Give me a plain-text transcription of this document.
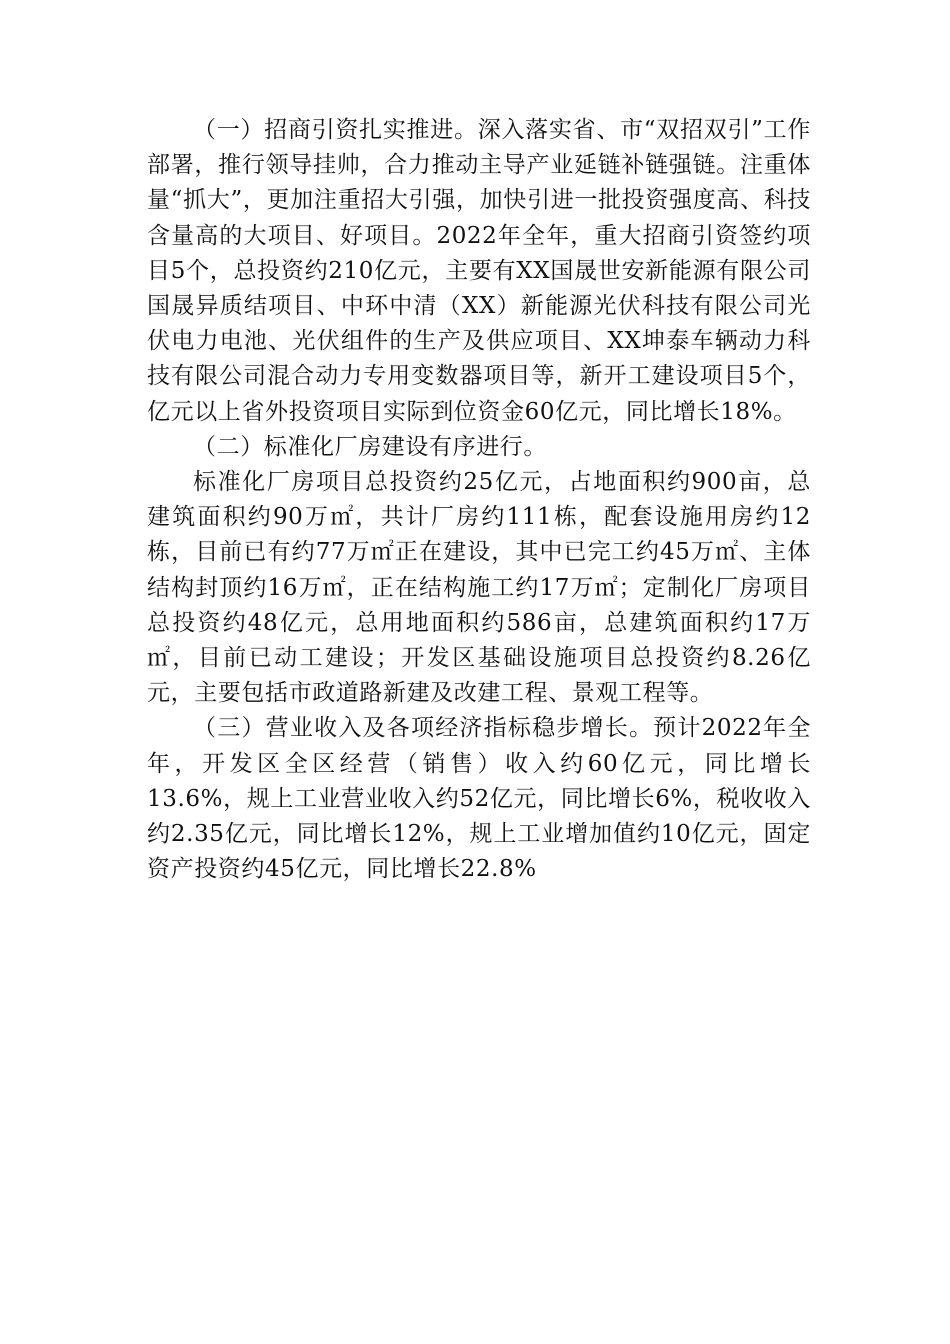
（一）招商引资扎实推进。深入落实省、市“双招双引”工作部署，推行领导挂帅，合力推动主导产业延链补链强链。注重体量“抓大”，更加注重招大引强，加快引进一批投资强度高、科技含量高的大项目、好项目。2022年全年，重大招商引资签约项目5个，总投资约210亿元，主要有XX国晟世安新能源有限公司国晟异质结项目、中环中清（XX）新能源光伏科技有限公司光伏电力电池、光伏组件的生产及供应项目、XX坤泰车辆动力科技有限公司混合动力专用变数器项目等，新开工建设项目5个，亿元以上省外投资项目实际到位资金60亿元，同比增长18%。

（二）标准化厂房建设有序进行。

标准化厂房项目总投资约25亿元，占地面积约900亩，总建筑面积约90万㎡，共计厂房约111栋，配套设施用房约12栋，目前已有约77万㎡正在建设，其中已完工约45万㎡、主体结构封顶约16万㎡，正在结构施工约17万㎡；定制化厂房项目总投资约48亿元，总用地面积约586亩，总建筑面积约17万㎡，目前已动工建设；开发区基础设施项目总投资约8.26亿元，主要包括市政道路新建及改建工程、景观工程等。

（三）营业收入及各项经济指标稳步增长。预计2022年全年，开发区全区经营（销售）收入约60亿元，同比增长13.6%，规上工业营业收入约52亿元，同比增长6%，税收收入约2.35亿元，同比增长12%，规上工业增加值约10亿元，固定资产投资约45亿元，同比增长22.8%
